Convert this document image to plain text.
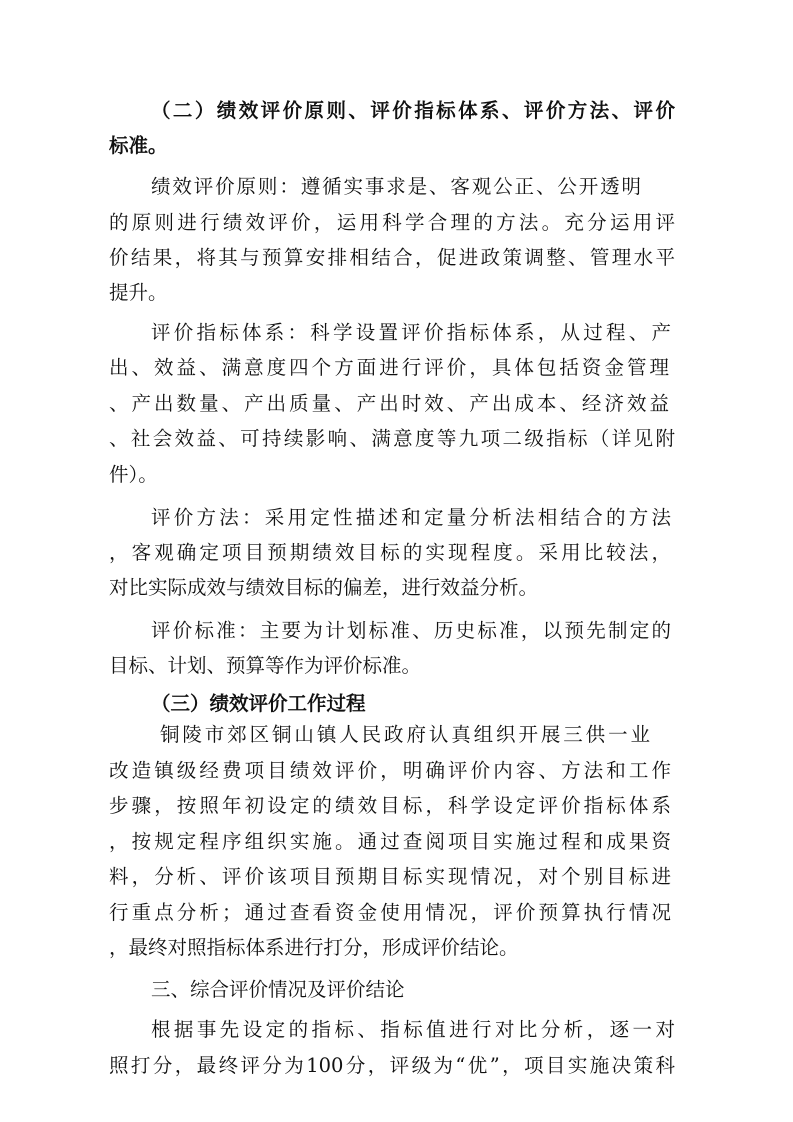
（二）绩效评价原则、评价指标体系、评价方法、评价
标准。
绩效评价原则：遵循实事求是、客观公正、公开透明
的原则进行绩效评价，运用科学合理的方法。充分运用评
价结果，将其与预算安排相结合，促进政策调整、管理水平
提升。
评价指标体系：科学设置评价指标体系，从过程、产
出、效益、满意度四个方面进行评价，具体包括资金管理
、产出数量、产出质量、产出时效、产出成本、经济效益
、社会效益、可持续影响、满意度等九项二级指标（详见附
件）。
评价方法：采用定性描述和定量分析法相结合的方法
，客观确定项目预期绩效目标的实现程度。采用比较法，
对比实际成效与绩效目标的偏差，进行效益分析。
评价标准：主要为计划标准、历史标准，以预先制定的
目标、计划、预算等作为评价标准。
（三）绩效评价工作过程
铜陵市郊区铜山镇人民政府认真组织开展三供一业
改造镇级经费项目绩效评价，明确评价内容、方法和工作
步骤，按照年初设定的绩效目标，科学设定评价指标体系
，按规定程序组织实施。通过查阅项目实施过程和成果资
料，分析、评价该项目预期目标实现情况，对个别目标进
行重点分析；通过查看资金使用情况，评价预算执行情况
，最终对照指标体系进行打分，形成评价结论。
三、综合评价情况及评价结论
根据事先设定的指标、指标值进行对比分析，逐一对
照打分，最终评分为100分，评级为“优”，项目实施决策科
